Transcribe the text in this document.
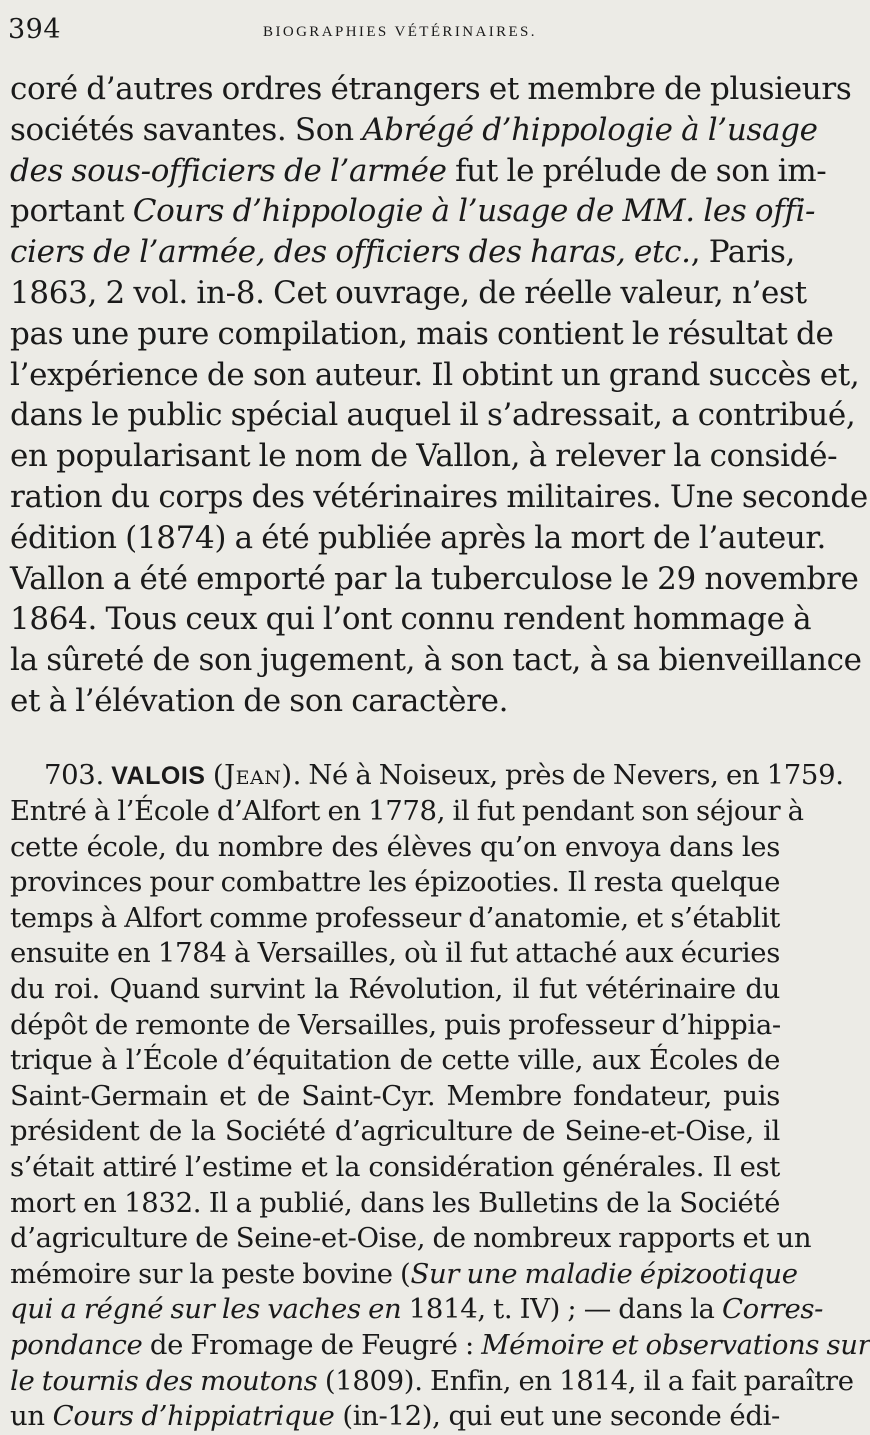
394	BIOGRAPHIES VÉTÉRINAIRES.
coré d’autres ordres étrangers et membre de plusieurs
sociétés savantes. Son Abrégé d’hippologie à l’usage
des sous-officiers de l’armée fut le prélude de son im-
portant Cours d’hippologie à l’usage de MM. les offi-
ciers de l’armée, des officiers des haras, etc., Paris,
1863, 2 vol. in-8. Cet ouvrage, de réelle valeur, n’est
pas une pure compilation, mais contient le résultat de
l’expérience de son auteur. Il obtint un grand succès et,
dans le public spécial auquel il s’adressait, a contribué,
en popularisant le nom de Vallon, à relever la considé-
ration du corps des vétérinaires militaires. Une seconde
édition (1874) a été publiée après la mort de l’auteur.
Vallon a été emporté par la tuberculose le 29 novembre
1864. Tous ceux qui l’ont connu rendent hommage à
la sûreté de son jugement, à son tact, à sa bienveillance
et à l’élévation de son caractère.
703. VALOIS (Jean). Né à Noiseux, près de Nevers, en 1759.
Entré à l’École d’Alfort en 1778, il fut pendant son séjour à
cette école, du nombre des élèves qu’on envoya dans les
provinces pour combattre les épizooties. Il resta quelque
temps à Alfort comme professeur d’anatomie, et s’établit
ensuite en 1784 à Versailles, où il fut attaché aux écuries
du roi. Quand survint la Révolution, il fut vétérinaire du
dépôt de remonte de Versailles, puis professeur d’hippia-
trique à l’École d’équitation de cette ville, aux Écoles de
Saint-Germain et de Saint-Cyr. Membre fondateur, puis
président de la Société d’agriculture de Seine-et-Oise, il
s’était attiré l’estime et la considération générales. Il est
mort en 1832. Il a publié, dans les Bulletins de la Société
d’agriculture de Seine-et-Oise, de nombreux rapports et un
mémoire sur la peste bovine (Sur une maladie épizootique
qui a régné sur les vaches en 1814, t. IV) ; — dans la Corres-
pondance de Fromage de Feugré : Mémoire et observations sur
le tournis des moutons (1809). Enfin, en 1814, il a fait paraître
un Cours d’hippiatrique (in-12), qui eut une seconde édi-
